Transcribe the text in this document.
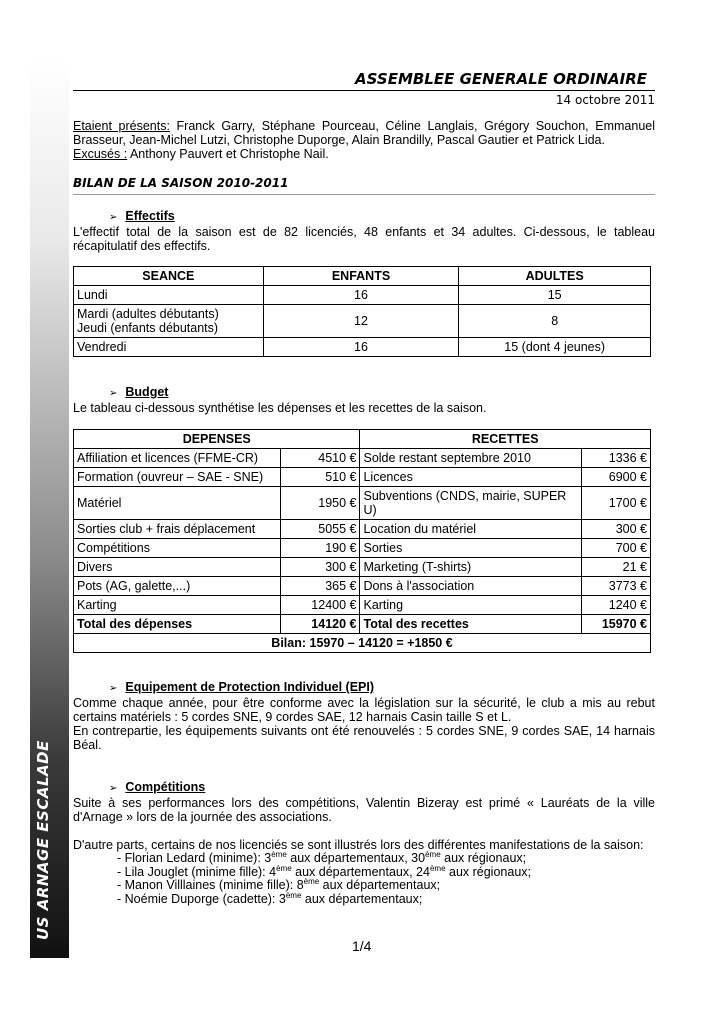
US ARNAGE ESCALADE
ASSEMBLEE GENERALE ORDINAIRE
14 octobre 2011

Etaient présents: Franck Garry, Stéphane Pourceau, Céline Langlais, Grégory Souchon, Emmanuel Brasseur, Jean-Michel Lutzi, Christophe Duporge, Alain Brandilly, Pascal Gautier et Patrick Lida.

Excusés : Anthony Pauvert et Christophe Nail.

BILAN DE LA SAISON 2010-2011
➢ Effectifs

L'effectif total de la saison est de 82 licenciés, 48 enfants et 34 adultes. Ci-dessous, le tableau récapitulatif des effectifs.

SEANCE	ENFANTS	ADULTES
Lundi	16	15

Mardi (adultes débutants)
Jeudi (enfants débutants)	12	8
Vendredi	16	15 (dont 4 jeunes)
➢ Budget

Le tableau ci-dessous synthétise les dépenses et les recettes de la saison.

DEPENSES		RECETTES	
Affiliation et licences (FFME-CR)	4510 €	Solde restant septembre 2010	1336 €
Formation (ouvreur – SAE - SNE)	510 €	Licences	6900 €
Matériel	1950 €	Subventions (CNDS, mairie, SUPER U)	1700 €
Sorties club + frais déplacement	5055 €	Location du matériel	300 €
Compétitions	190 €	Sorties	700 €
Divers	300 €	Marketing (T-shirts)	21 €
Pots (AG, galette,...)	365 €	Dons à l'association	3773 €
Karting	12400 €	Karting	1240 €
Total des dépenses	14120 €	Total des recettes	15970 €
Bilan: 15970 – 14120 = +1850 €			
➢ Equipement de Protection Individuel (EPI)

Comme chaque année, pour être conforme avec la législation sur la sécurité, le club a mis au rebut certains matériels : 5 cordes SNE, 9 cordes SAE, 12 harnais Casin taille S et L.

En contrepartie, les équipements suivants ont été renouvelés : 5 cordes SNE, 9 cordes SAE, 14 harnais Béal.

➢ Compétitions

Suite à ses performances lors des compétitions, Valentin Bizeray est primé « Lauréats de la ville d'Arnage » lors de la journée des associations.

D'autre parts, certains de nos licenciés se sont illustrés lors des différentes manifestations de la saison:

- Florian Ledard (minime): 3ème aux départementaux, 30ème aux régionaux;
- Lila Jouglet (minime fille): 4ème aux départementaux, 24ème aux régionaux;
- Manon Villlaines (minime fille): 8ème aux départementaux;
- Noémie Duporge (cadette): 3ème aux départementaux;
1/4
